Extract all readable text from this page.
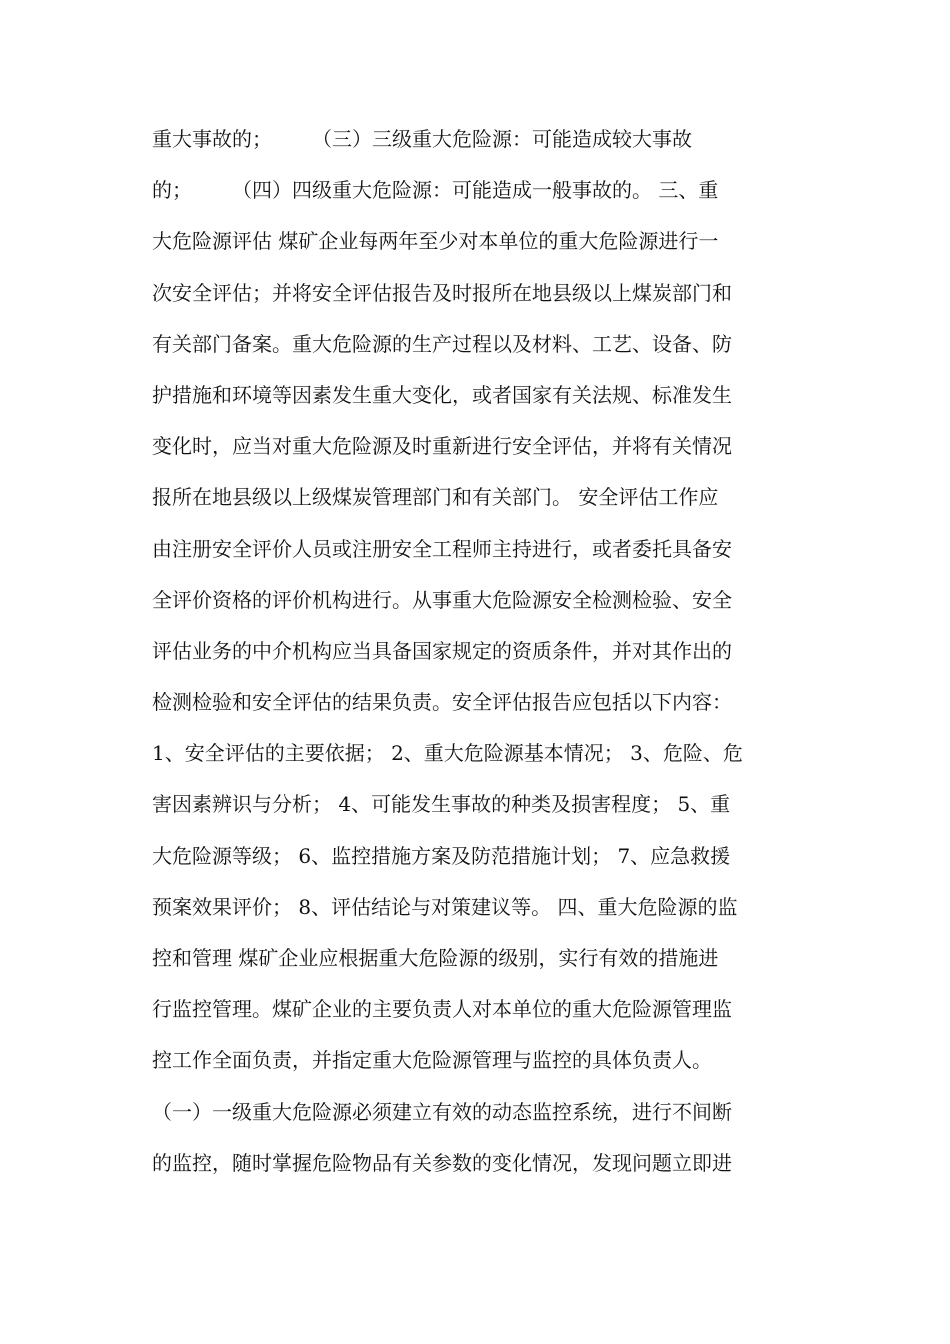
重大事故的；　　　（三）三级重大危险源：可能造成较大事故
的；　　　（四）四级重大危险源：可能造成一般事故的。 三、重
大危险源评估 煤矿企业每两年至少对本单位的重大危险源进行一
次安全评估；并将安全评估报告及时报所在地县级以上煤炭部门和
有关部门备案。重大危险源的生产过程以及材料、工艺、设备、防
护措施和环境等因素发生重大变化，或者国家有关法规、标准发生
变化时，应当对重大危险源及时重新进行安全评估，并将有关情况
报所在地县级以上级煤炭管理部门和有关部门。 安全评估工作应
由注册安全评价人员或注册安全工程师主持进行，或者委托具备安
全评价资格的评价机构进行。从事重大危险源安全检测检验、安全
评估业务的中介机构应当具备国家规定的资质条件，并对其作出的
检测检验和安全评估的结果负责。安全评估报告应包括以下内容：
1、安全评估的主要依据； 2、重大危险源基本情况； 3、危险、危
害因素辨识与分析； 4、可能发生事故的种类及损害程度； 5、重
大危险源等级； 6、监控措施方案及防范措施计划； 7、应急救援
预案效果评价； 8、评估结论与对策建议等。 四、重大危险源的监
控和管理 煤矿企业应根据重大危险源的级别，实行有效的措施进
行监控管理。煤矿企业的主要负责人对本单位的重大危险源管理监
控工作全面负责，并指定重大危险源管理与监控的具体负责人。
（一）一级重大危险源必须建立有效的动态监控系统，进行不间断
的监控，随时掌握危险物品有关参数的变化情况，发现问题立即进
